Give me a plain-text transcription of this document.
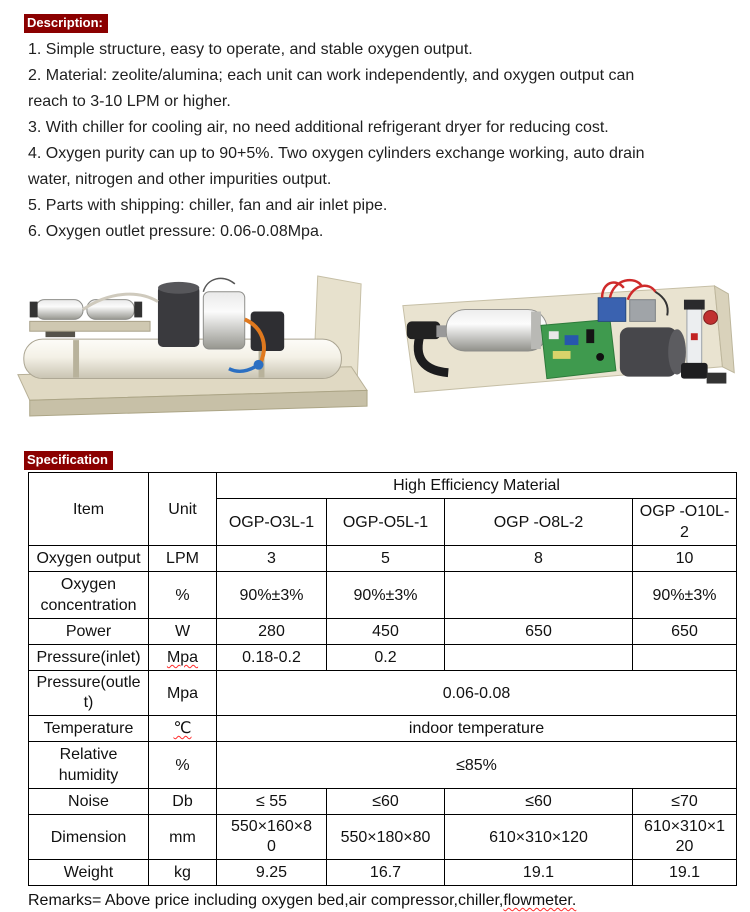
Description:

1. Simple structure, easy to operate, and stable oxygen output.

2. Material: zeolite/alumina; each unit can work independently, and oxygen output can reach to 3-10 LPM or higher.

3. With chiller for cooling air, no need additional refrigerant dryer for reducing cost.

4. Oxygen purity can up to 90+5%. Two oxygen cylinders exchange working, auto drain water, nitrogen and other impurities output.

5. Parts with shipping: chiller, fan and air inlet pipe.

6. Oxygen outlet pressure: 0.06-0.08Mpa.

Specification
Item	Unit	High Efficiency Material			
		OGP-O3L-1	OGP-O5L-1	OGP -O8L-2	OGP -O10L-2
Oxygen output	LPM	3	5	8	10
Oxygen concentration	%	90%±3%	90%±3%		90%±3%
Power	W	280	450	650	650
Pressure(inlet)	Mpa	0.18-0.2	0.2		
Pressure(outlet)	Mpa	0.06-0.08			
Temperature	℃	indoor temperature			
Relative humidity	%	≤85%			
Noise	Db	≤ 55	≤60	≤60	≤70
Dimension	mm	550×160×80	550×180×80	610×310×120	610×310×120
Weight	kg	9.25	16.7	19.1	19.1

Remarks= Above price including oxygen bed,air compressor,chiller,flowmeter.
